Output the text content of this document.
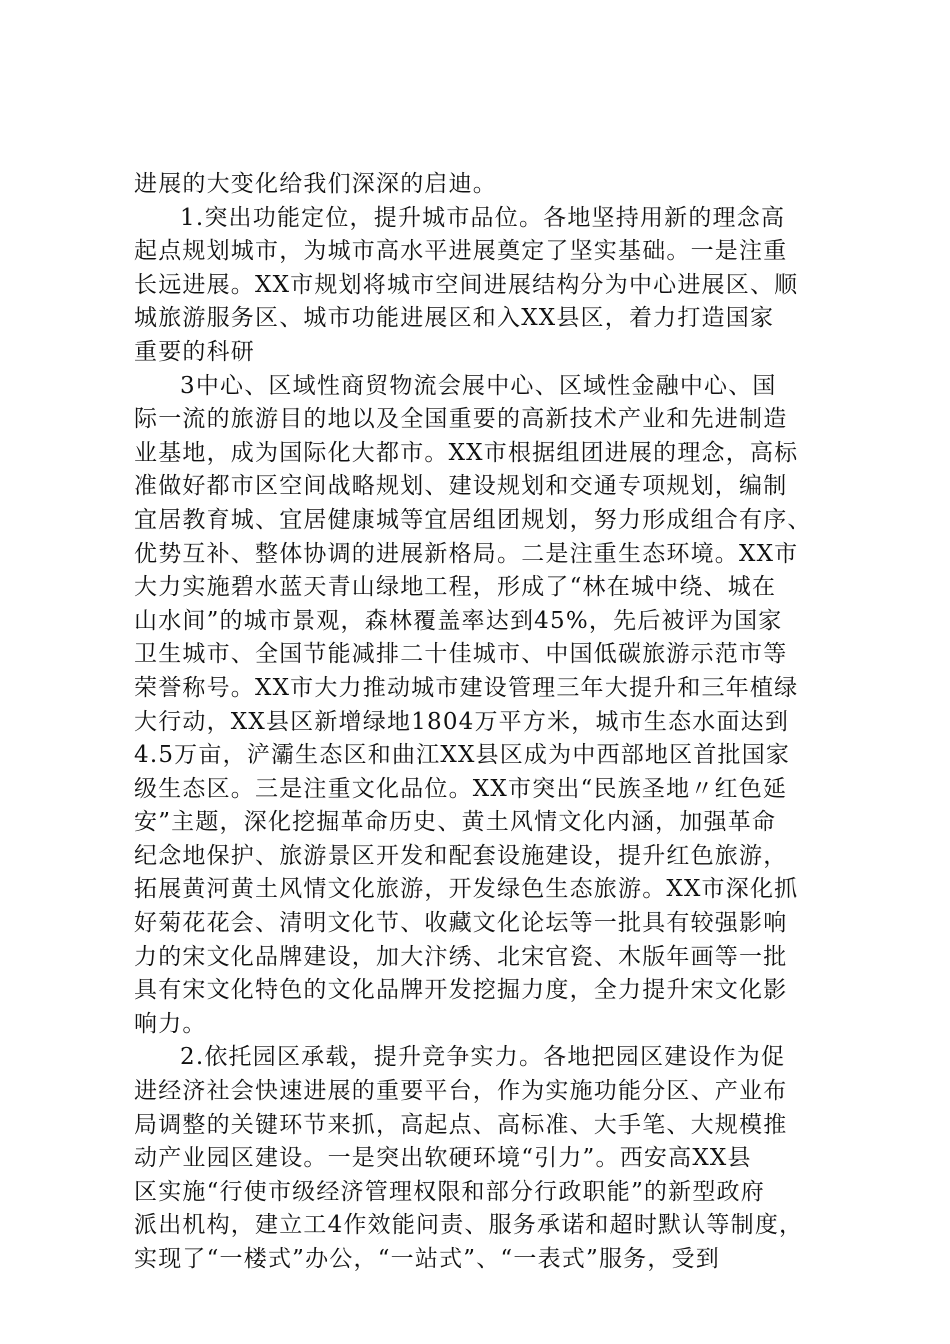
进展的大变化给我们深深的启迪。
1.突出功能定位，提升城市品位。各地坚持用新的理念高
起点规划城市，为城市高水平进展奠定了坚实基础。一是注重
长远进展。XX市规划将城市空间进展结构分为中心进展区、顺
城旅游服务区、城市功能进展区和入XX县区，着力打造国家
重要的科研
3中心、区域性商贸物流会展中心、区域性金融中心、国
际一流的旅游目的地以及全国重要的高新技术产业和先进制造
业基地，成为国际化大都市。XX市根据组团进展的理念，高标
准做好都市区空间战略规划、建设规划和交通专项规划，编制
宜居教育城、宜居健康城等宜居组团规划，努力形成组合有序、
优势互补、整体协调的进展新格局。二是注重生态环境。XX市
大力实施碧水蓝天青山绿地工程，形成了“林在城中绕、城在
山水间”的城市景观，森林覆盖率达到45%，先后被评为国家
卫生城市、全国节能减排二十佳城市、中国低碳旅游示范市等
荣誉称号。XX市大力推动城市建设管理三年大提升和三年植绿
大行动，XX县区新增绿地1804万平方米，城市生态水面达到
4.5万亩，浐灞生态区和曲江XX县区成为中西部地区首批国家
级生态区。三是注重文化品位。XX市突出“民族圣地〃红色延
安”主题，深化挖掘革命历史、黄土风情文化内涵，加强革命
纪念地保护、旅游景区开发和配套设施建设，提升红色旅游，
拓展黄河黄土风情文化旅游，开发绿色生态旅游。XX市深化抓
好菊花花会、清明文化节、收藏文化论坛等一批具有较强影响
力的宋文化品牌建设，加大汴绣、北宋官瓷、木版年画等一批
具有宋文化特色的文化品牌开发挖掘力度，全力提升宋文化影
响力。
2.依托园区承载，提升竞争实力。各地把园区建设作为促
进经济社会快速进展的重要平台，作为实施功能分区、产业布
局调整的关键环节来抓，高起点、高标准、大手笔、大规模推
动产业园区建设。一是突出软硬环境“引力”。西安高XX县
区实施“行使市级经济管理权限和部分行政职能”的新型政府
派出机构，建立工4作效能问责、服务承诺和超时默认等制度，
实现了“一楼式”办公，“一站式”、“一表式”服务，受到
